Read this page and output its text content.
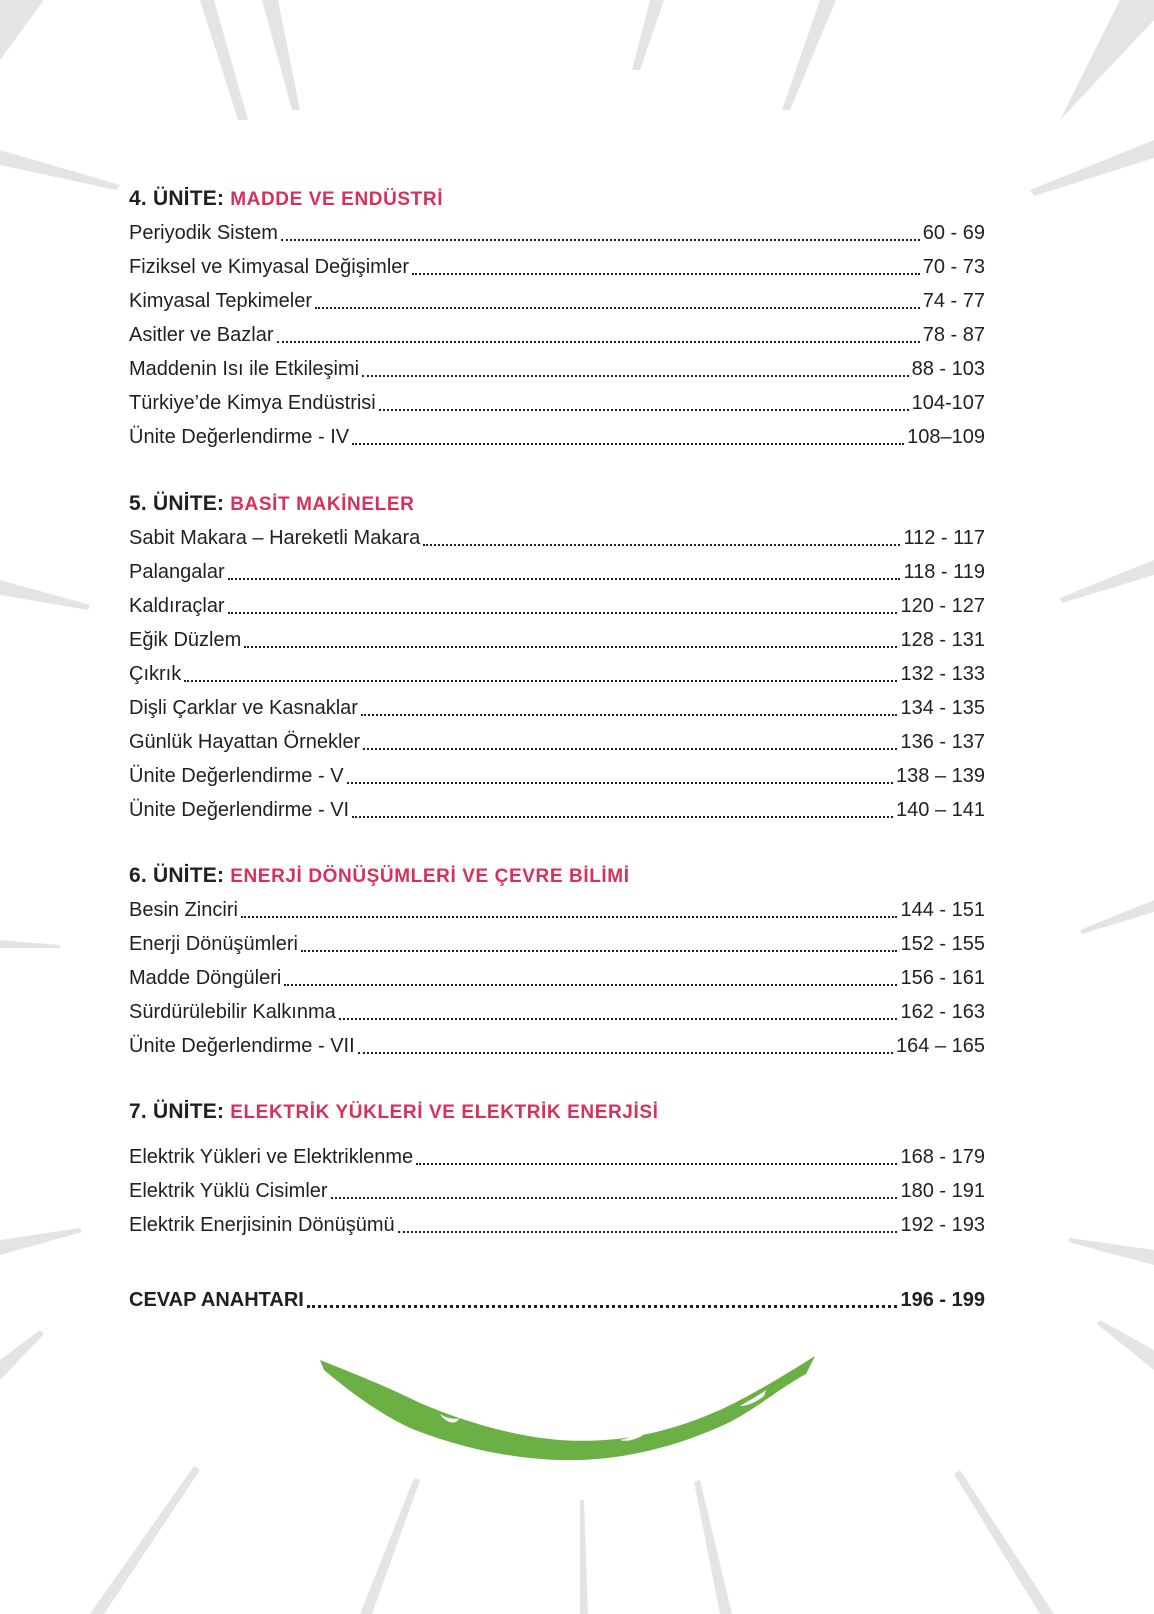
4. ÜNİTE: MADDE VE ENDÜSTRİ
Periyodik Sistem	60 - 69
Fiziksel ve Kimyasal Değişimler	70 - 73
Kimyasal Tepkimeler	74 - 77
Asitler ve Bazlar	78 - 87
Maddenin Isı ile Etkileşimi	88 - 103
Türkiye’de Kimya Endüstrisi	104-107
Ünite Değerlendirme - IV	108–109
5. ÜNİTE: BASİT MAKİNELER
Sabit Makara – Hareketli Makara	112 - 117
Palangalar	118 - 119
Kaldıraçlar	120 - 127
Eğik Düzlem	128 - 131
Çıkrık	132 - 133
Dişli Çarklar ve Kasnaklar	134 - 135
Günlük Hayattan Örnekler	136 - 137
Ünite Değerlendirme - V	138 – 139
Ünite Değerlendirme - VI	140 – 141
6. ÜNİTE: ENERJİ DÖNÜŞÜMLERİ VE ÇEVRE BİLİMİ
Besin Zinciri	144 - 151
Enerji Dönüşümleri	152 - 155
Madde Döngüleri	156 - 161
Sürdürülebilir Kalkınma	162 - 163
Ünite Değerlendirme - VII	164 – 165
7. ÜNİTE: ELEKTRİK YÜKLERİ VE ELEKTRİK ENERJİSİ
Elektrik Yükleri ve Elektriklenme	168 - 179
Elektrik Yüklü Cisimler	180 - 191
Elektrik Enerjisinin Dönüşümü	192 - 193
CEVAP ANAHTARI	196 - 199
